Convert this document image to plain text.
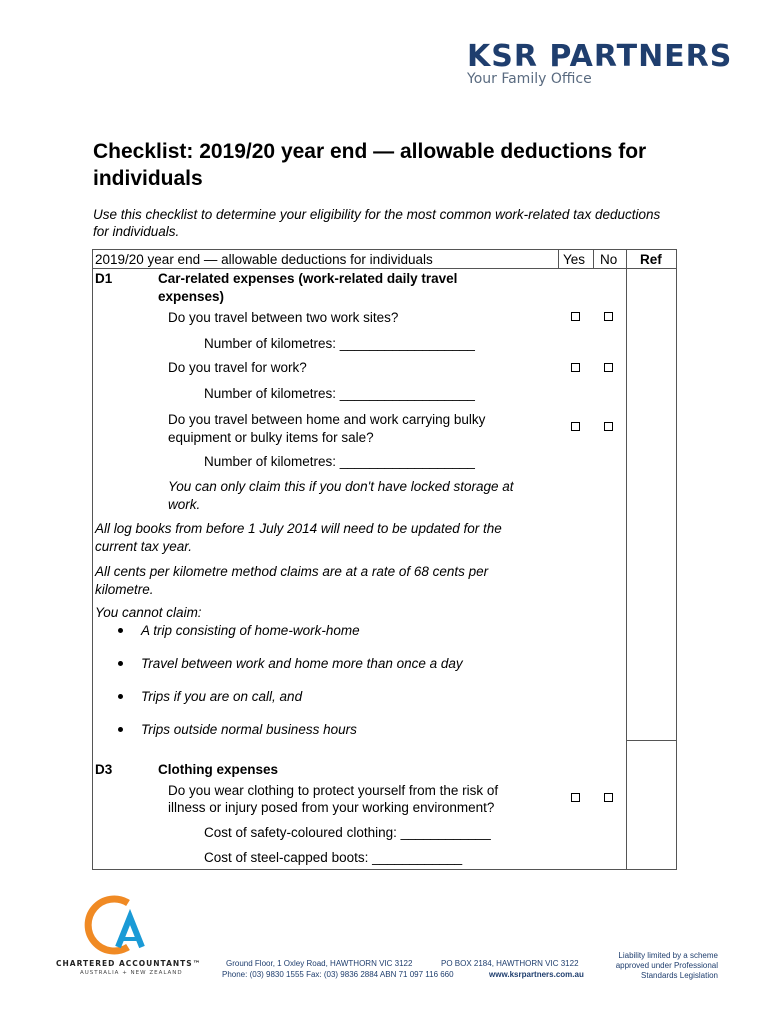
KSR PARTNERS
Your Family Office
Checklist: 2019/20 year end — allowable deductions for individuals
Use this checklist to determine your eligibility for the most common work-related tax deductions for individuals.
2019/20 year end — allowable deductions for individuals	Yes No Ref
D1	Car-related expenses (work-related daily travel
expenses)
Do you travel between two work sites?
Number of kilometres: __________________
Do you travel for work?
Number of kilometres: __________________
Do you travel between home and work carrying bulky
equipment or bulky items for sale?
Number of kilometres: __________________
You can only claim this if you don't have locked storage at
work.
All log books from before 1 July 2014 will need to be updated for the
current tax year.
All cents per kilometre method claims are at a rate of 68 cents per
kilometre.
You cannot claim:
A trip consisting of home-work-home
Travel between work and home more than once a day
Trips if you are on call, and
Trips outside normal business hours
D3	Clothing expenses
Do you wear clothing to protect yourself from the risk of
illness or injury posed from your working environment?
Cost of safety-coloured clothing: ____________
Cost of steel-capped boots: ____________
CHARTERED ACCOUNTANTS™
AUSTRALIA + NEW ZEALAND
Ground Floor, 1 Oxley Road, HAWTHORN VIC 3122	PO BOX 2184, HAWTHORN VIC 3122
Phone: (03) 9830 1555 Fax: (03) 9836 2884 ABN 71 097 116 660	www.ksrpartners.com.au
Liability limited by a scheme
approved under Professional
Standards Legislation
